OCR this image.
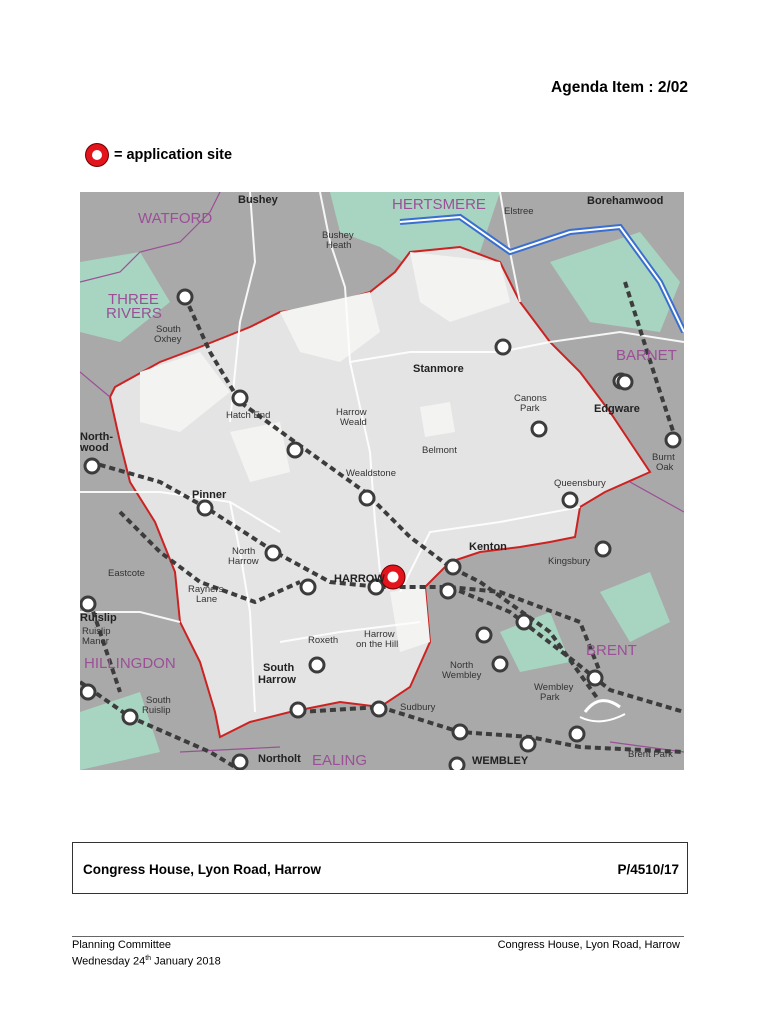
Agenda Item : 2/02
= application site
WATFORD
THREE
RIVERS
HERTSMERE
BARNET
BRENT
HILLINGDON
EALING
Bushey	Borehamwood
Stanmore
Edgware
North-
wood
Pinner
Kenton
HARROW
Ruislip
South
Harrow
Northolt	WEMBLEY
Bushey
Heath
Elstree
South
Oxhey
Canons
Park
Hatch End	Harrow
Weald
Belmont
Burnt
Oak
Wealdstone
Queensbury
North
Harrow	Kingsbury
Eastcote
Rayners
Lane
Ruislip
Manor	Roxeth
Harrow
on the Hill
North
Wembley
Wembley
Park
South
Ruislip	Sudbury
Brent Park
Congress House, Lyon Road, Harrow	P/4510/17
Planning Committee
Wednesday 24th January 2018
Congress House, Lyon Road, Harrow
